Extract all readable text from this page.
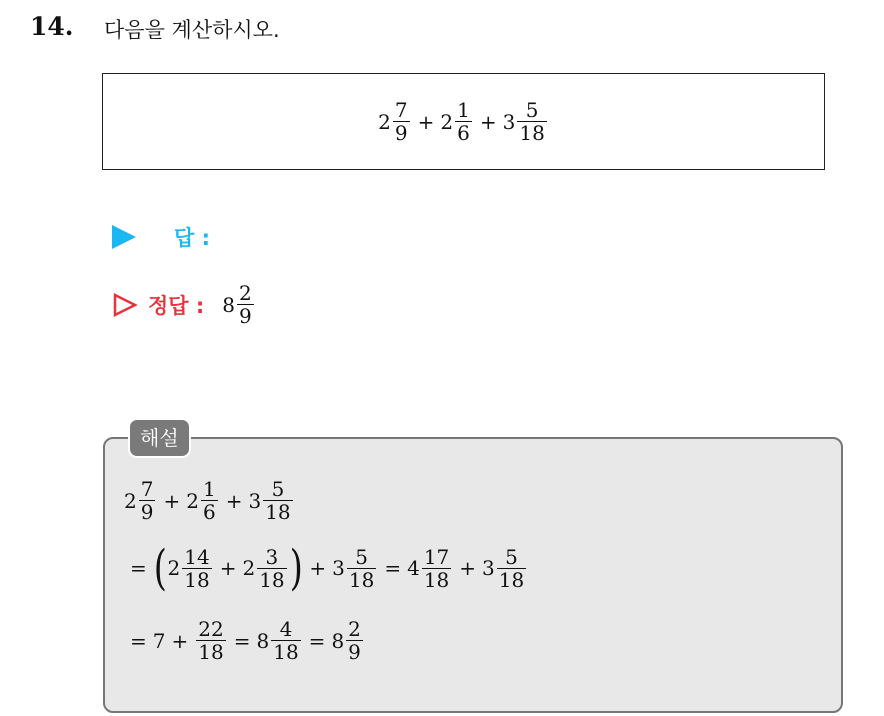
14. 다음을 계산하시오.
$2 \frac{7}{9} + 2 \frac{1}{6} + 3 \frac{5}{18}$
답 :
정답 : $8 \frac{2}{9}$
해설
$2 \frac{7}{9} + 2 \frac{1}{6} + 3 \frac{5}{18}$
= ( $2 \frac{14}{18} + 2 \frac{3}{18}$ ) + $3 \frac{5}{18} = 4 \frac{17}{18} + 3 \frac{5}{18}$
= $7 + \frac{22}{18} = 8 \frac{4}{18} = 8 \frac{2}{9}$
